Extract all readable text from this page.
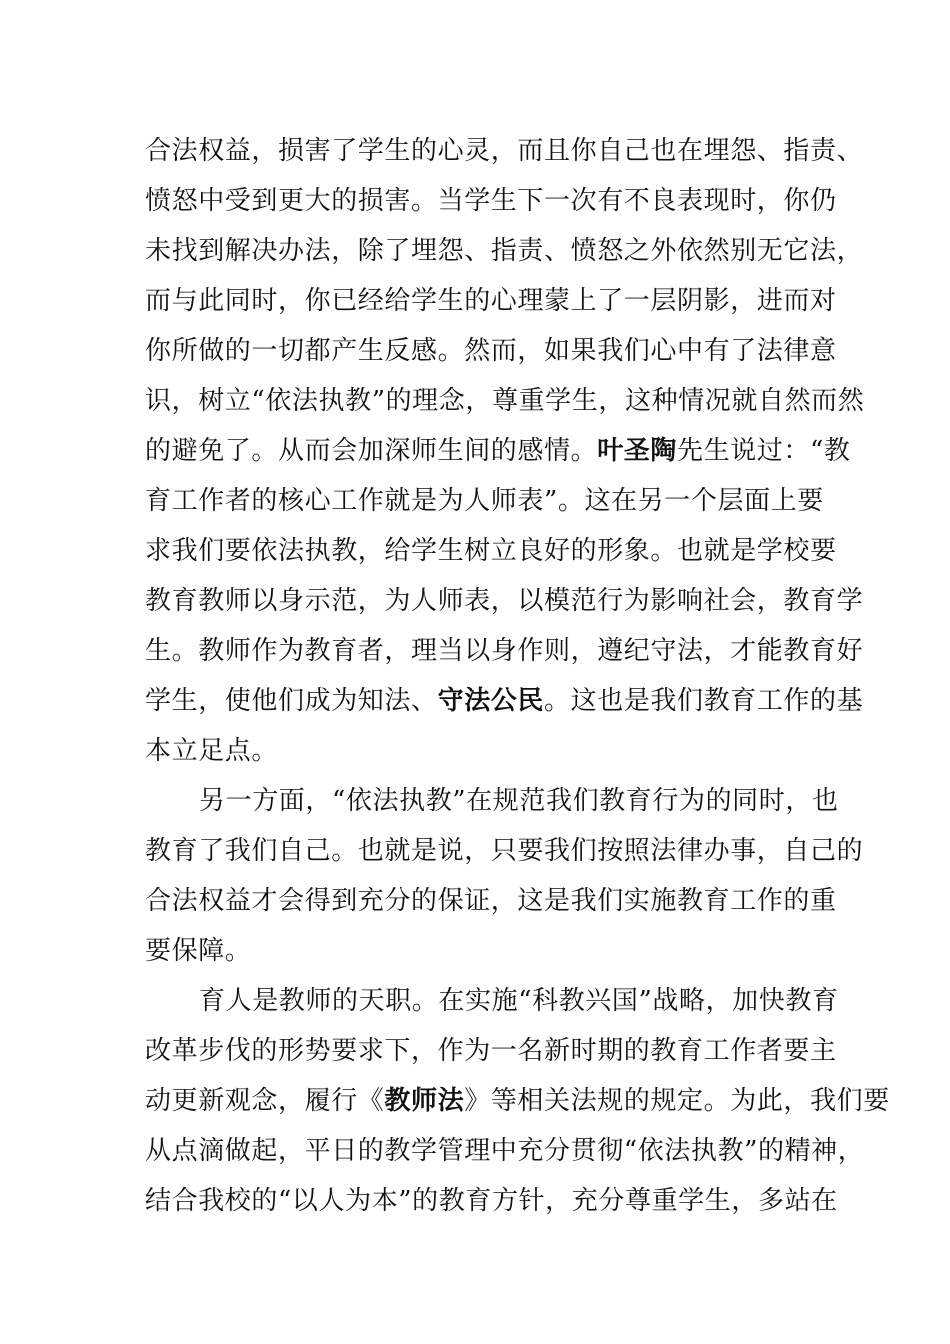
合法权益，损害了学生的心灵，而且你自己也在埋怨、指责、
愤怒中受到更大的损害。当学生下一次有不良表现时，你仍
未找到解决办法，除了埋怨、指责、愤怒之外依然别无它法，
而与此同时，你已经给学生的心理蒙上了一层阴影，进而对
你所做的一切都产生反感。然而，如果我们心中有了法律意
识，树立“依法执教”的理念，尊重学生，这种情况就自然而然
的避免了。从而会加深师生间的感情。叶圣陶先生说过：“教
育工作者的核心工作就是为人师表”。这在另一个层面上要
求我们要依法执教，给学生树立良好的形象。也就是学校要
教育教师以身示范，为人师表，以模范行为影响社会，教育学
生。教师作为教育者，理当以身作则，遵纪守法，才能教育好
学生，使他们成为知法、守法公民。这也是我们教育工作的基
本立足点。
另一方面，“依法执教”在规范我们教育行为的同时，也
教育了我们自己。也就是说，只要我们按照法律办事，自己的
合法权益才会得到充分的保证，这是我们实施教育工作的重
要保障。
育人是教师的天职。在实施“科教兴国”战略，加快教育
改革步伐的形势要求下，作为一名新时期的教育工作者要主
动更新观念，履行《教师法》等相关法规的规定。为此，我们要
从点滴做起，平日的教学管理中充分贯彻“依法执教”的精神，
结合我校的“以人为本”的教育方针，充分尊重学生，多站在
